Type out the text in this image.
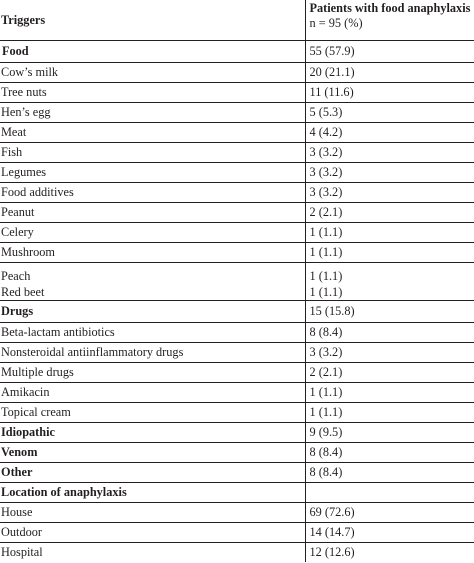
Triggers	Patients with food anaphylaxis
n = 95 (%)
Food	55 (57.9)
Cow’s milk	20 (21.1)
Tree nuts	11 (11.6)
Hen’s egg	5 (5.3)
Meat	4 (4.2)
Fish	3 (3.2)
Legumes	3 (3.2)
Food additives	3 (3.2)
Peanut	2 (2.1)
Celery	1 (1.1)
Mushroom	1 (1.1)
Peach	1 (1.1)
Red beet	1 (1.1)
Drugs	15 (15.8)
Beta-lactam antibiotics	8 (8.4)
Nonsteroidal antiinflammatory drugs	3 (3.2)
Multiple drugs	2 (2.1)
Amikacin	1 (1.1)
Topical cream	1 (1.1)
Idiopathic	9 (9.5)
Venom	8 (8.4)
Other	8 (8.4)
Location of anaphylaxis	
House	69 (72.6)
Outdoor	14 (14.7)
Hospital	12 (12.6)
